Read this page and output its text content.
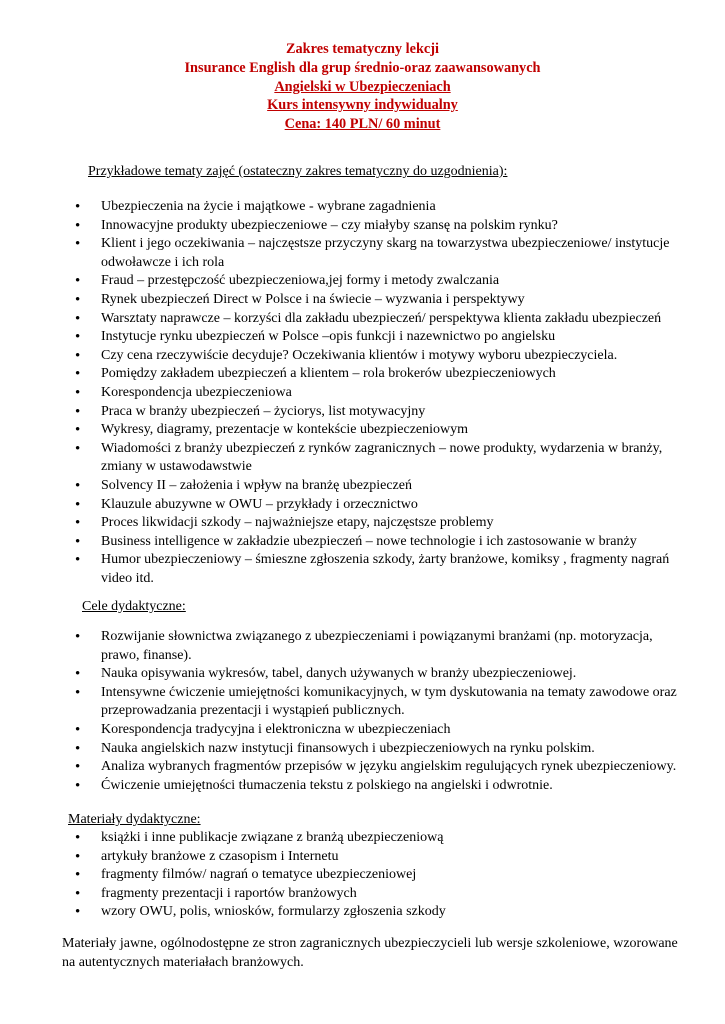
Zakres tematyczny lekcji
Insurance English dla grup średnio-oraz zaawansowanych
Angielski w Ubezpieczeniach
Kurs intensywny indywidualny
Cena: 140 PLN/ 60 minut
Przykładowe tematy zajęć (ostateczny zakres tematyczny do uzgodnienia):
• Ubezpieczenia na życie i majątkowe - wybrane zagadnienia
• Innowacyjne produkty ubezpieczeniowe – czy miałyby szansę na polskim rynku?
• Klient i jego oczekiwania – najczęstsze przyczyny skarg na towarzystwa ubezpieczeniowe/ instytucje odwoławcze i ich rola
• Fraud – przestępczość ubezpieczeniowa,jej formy i metody zwalczania
• Rynek ubezpieczeń Direct w Polsce i na świecie – wyzwania i perspektywy
• Warsztaty naprawcze – korzyści dla zakładu ubezpieczeń/ perspektywa klienta zakładu ubezpieczeń
• Instytucje rynku ubezpieczeń w Polsce –opis funkcji i nazewnictwo po angielsku
• Czy cena rzeczywiście decyduje? Oczekiwania klientów i motywy wyboru ubezpieczyciela.
• Pomiędzy zakładem ubezpieczeń a klientem – rola brokerów ubezpieczeniowych
• Korespondencja ubezpieczeniowa
• Praca w branży ubezpieczeń – życiorys, list motywacyjny
• Wykresy, diagramy, prezentacje w kontekście ubezpieczeniowym
• Wiadomości z branży ubezpieczeń z rynków zagranicznych – nowe produkty, wydarzenia w branży, zmiany w ustawodawstwie
• Solvency II – założenia i wpływ na branżę ubezpieczeń
• Klauzule abuzywne w OWU – przykłady i orzecznictwo
• Proces likwidacji szkody – najważniejsze etapy, najczęstsze problemy
• Business intelligence w zakładzie ubezpieczeń – nowe technologie i ich zastosowanie w branży
• Humor ubezpieczeniowy – śmieszne zgłoszenia szkody, żarty branżowe, komiksy , fragmenty nagrań video itd.
Cele dydaktyczne:
• Rozwijanie słownictwa związanego z ubezpieczeniami i powiązanymi branżami (np. motoryzacja, prawo, finanse).
• Nauka opisywania wykresów, tabel, danych używanych w branży ubezpieczeniowej.
• Intensywne ćwiczenie umiejętności komunikacyjnych, w tym dyskutowania na tematy zawodowe oraz przeprowadzania prezentacji i wystąpień publicznych.
• Korespondencja tradycyjna i elektroniczna w ubezpieczeniach
• Nauka angielskich nazw instytucji finansowych i ubezpieczeniowych na rynku polskim.
• Analiza wybranych fragmentów przepisów w języku angielskim regulujących rynek ubezpieczeniowy.
• Ćwiczenie umiejętności tłumaczenia tekstu z polskiego na angielski i odwrotnie.
Materiały dydaktyczne:
• książki i inne publikacje związane z branżą ubezpieczeniową
• artykuły branżowe z czasopism i Internetu
• fragmenty filmów/ nagrań o tematyce ubezpieczeniowej
• fragmenty prezentacji i raportów branżowych
• wzory OWU, polis, wniosków, formularzy zgłoszenia szkody
Materiały jawne, ogólnodostępne ze stron zagranicznych ubezpieczycieli lub wersje szkoleniowe, wzorowane na autentycznych materiałach branżowych.
